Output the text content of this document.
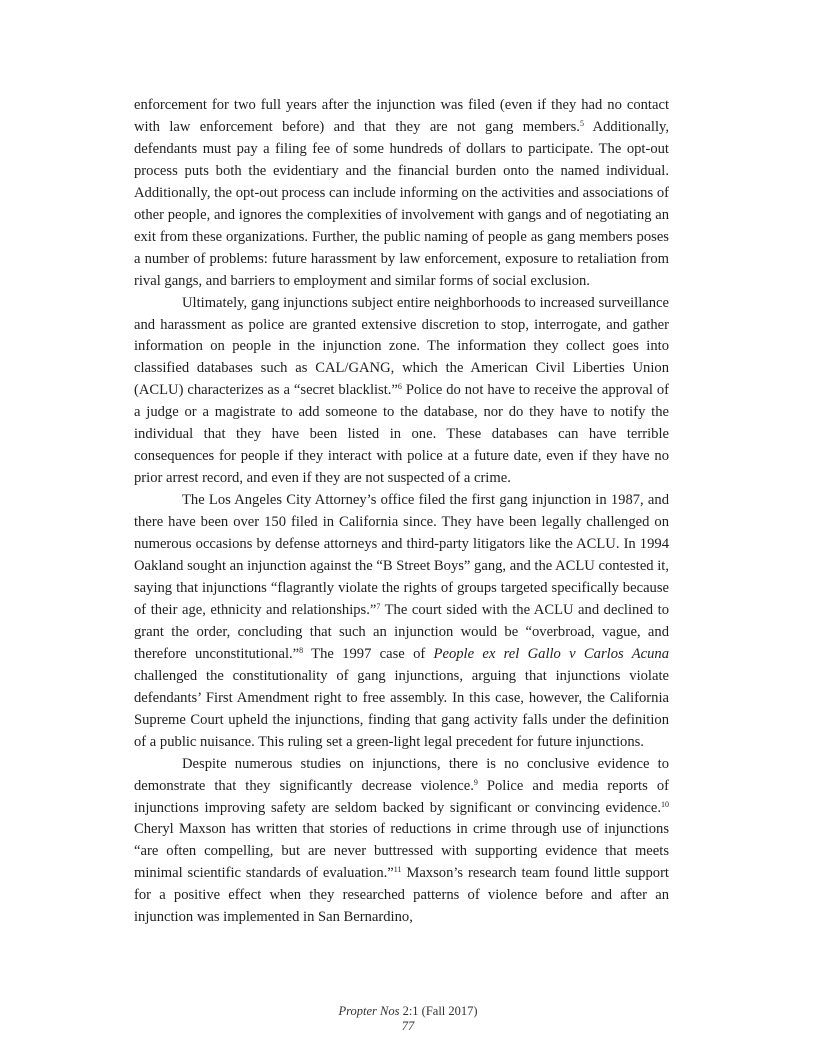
enforcement for two full years after the injunction was filed (even if they had no contact with law enforcement before) and that they are not gang members.$^5$ Additionally, defendants must pay a filing fee of some hundreds of dollars to participate. The opt-out process puts both the evidentiary and the financial burden onto the named individual. Additionally, the opt-out process can include informing on the activities and associations of other people, and ignores the complexities of involvement with gangs and of negotiating an exit from these organizations. Further, the public naming of people as gang members poses a number of problems: future harassment by law enforcement, exposure to retaliation from rival gangs, and barriers to employment and similar forms of social exclusion.

Ultimately, gang injunctions subject entire neighborhoods to increased surveillance and harassment as police are granted extensive discretion to stop, interrogate, and gather information on people in the injunction zone. The information they collect goes into classified databases such as CAL/GANG, which the American Civil Liberties Union (ACLU) characterizes as a “secret blacklist.”$^6$ Police do not have to receive the approval of a judge or a magistrate to add someone to the database, nor do they have to notify the individual that they have been listed in one. These databases can have terrible consequences for people if they interact with police at a future date, even if they have no prior arrest record, and even if they are not suspected of a crime.

The Los Angeles City Attorney’s office filed the first gang injunction in 1987, and there have been over 150 filed in California since. They have been legally challenged on numerous occasions by defense attorneys and third-party litigators like the ACLU. In 1994 Oakland sought an injunction against the “B Street Boys” gang, and the ACLU contested it, saying that injunctions “flagrantly violate the rights of groups targeted specifically because of their age, ethnicity and relationships.”$^7$ The court sided with the ACLU and declined to grant the order, concluding that such an injunction would be “overbroad, vague, and therefore unconstitutional.”$^8$ The 1997 case of People ex rel Gallo v Carlos Acuna challenged the constitutionality of gang injunctions, arguing that injunctions violate defendants’ First Amendment right to free assembly. In this case, however, the California Supreme Court upheld the injunctions, finding that gang activity falls under the definition of a public nuisance. This ruling set a green-light legal precedent for future injunctions.

Despite numerous studies on injunctions, there is no conclusive evidence to demonstrate that they significantly decrease violence.$^9$ Police and media reports of injunctions improving safety are seldom backed by significant or convincing evidence.$^{10}$ Cheryl Maxson has written that stories of reductions in crime through use of injunctions “are often compelling, but are never buttressed with supporting evidence that meets minimal scientific standards of evaluation.”$^{11}$ Maxson’s research team found little support for a positive effect when they researched patterns of violence before and after an injunction was implemented in San Bernardino,

Propter Nos 2:1 (Fall 2017)
77
